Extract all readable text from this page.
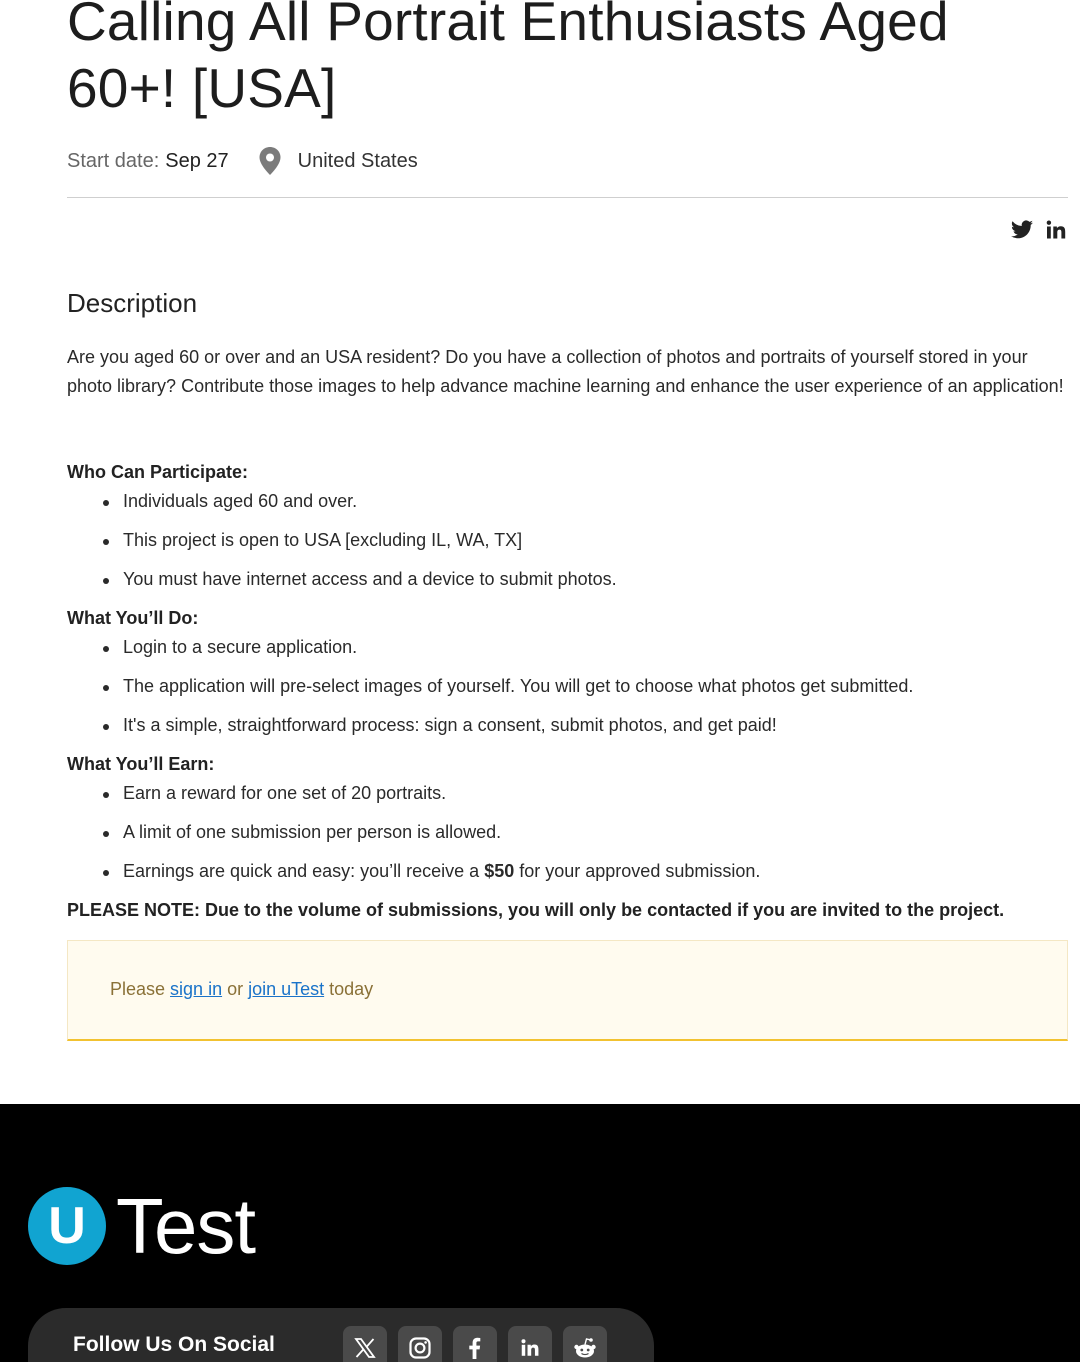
Calling All Portrait Enthusiasts Aged 60+! [USA]
Start date: Sep 27	United States
Description

Are you aged 60 or over and an USA resident? Do you have a collection of photos and portraits of yourself stored in your photo library? Contribute those images to help advance machine learning and enhance the user experience of an application!

Who Can Participate:
Individuals aged 60 and over.
This project is open to USA [excluding IL, WA, TX]
You must have internet access and a device to submit photos.
What You’ll Do:
Login to a secure application.
The application will pre-select images of yourself. You will get to choose what photos get submitted.
It's a simple, straightforward process: sign a consent, submit photos, and get paid!
What You’ll Earn:
Earn a reward for one set of 20 portraits.
A limit of one submission per person is allowed.
Earnings are quick and easy: you’ll receive a $50 for your approved submission.
PLEASE NOTE: Due to the volume of submissions, you will only be contacted if you are invited to the project.
Please sign in or join uTest today
U Test
Follow Us On Social
